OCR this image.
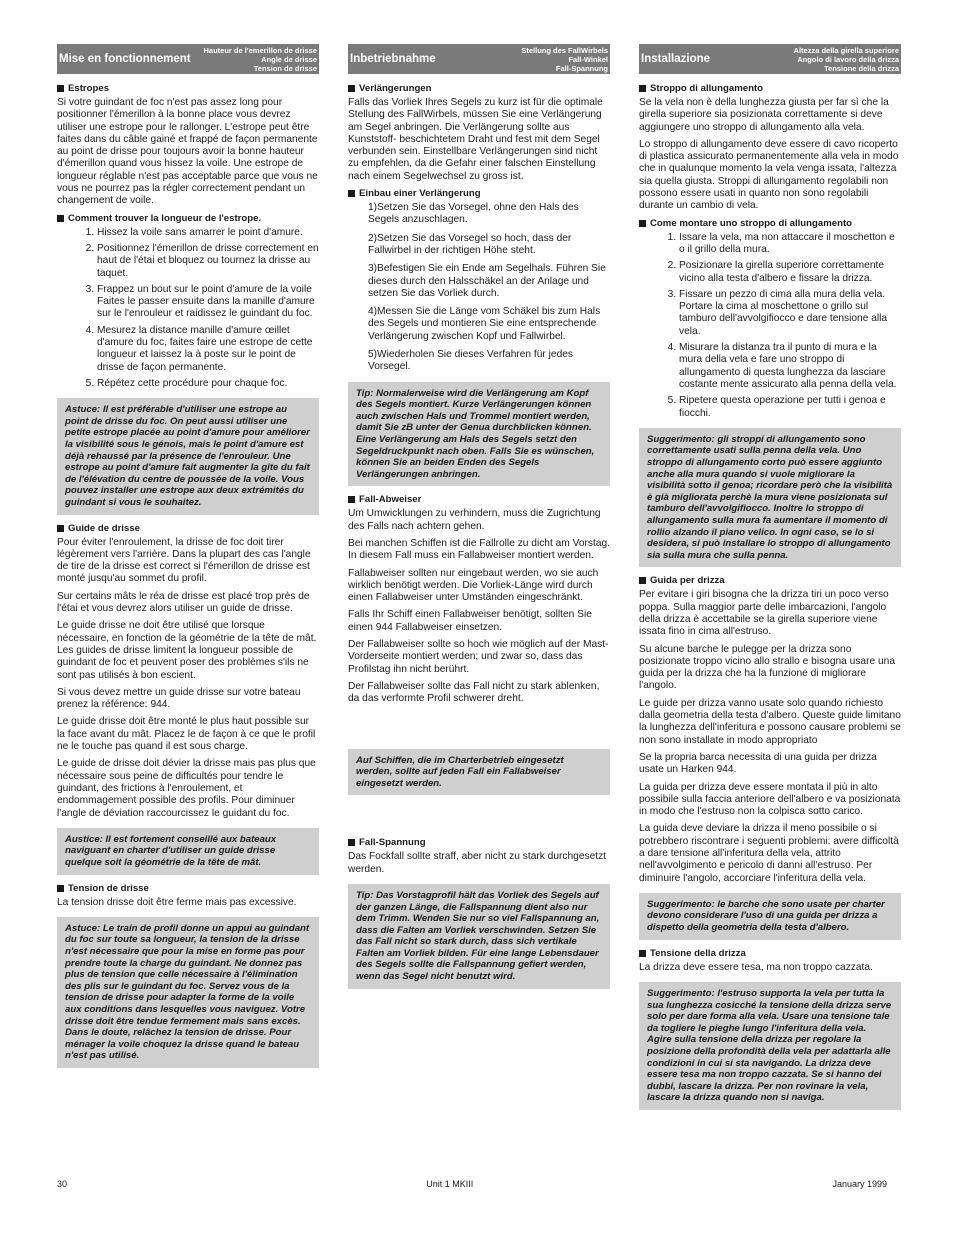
Mise en fonctionnement
Hauteur de l'emerillon de drisse
Angle de drisse
Tension de drisse
Estropes

Si votre guindant de foc n'est pas assez long pour positionner l'émerillon à la bonne place vous devrez utiliser une estrope pour le rallonger. L'estrope peut être faites dans du câble gainé et frappé de façon permanente au point de drisse pour toujours avoir la bonne hauteur d'émerillon quand vous hissez la voile. Une estrope de longueur réglable n'est pas acceptable parce que vous ne vous ne pourrez pas la régler correctement pendant un changement de voile.

Comment trouver la longueur de l'estrope.
1. Hissez la voile sans amarrer le point d'amure.
2. Positionnez l'émerillon de drisse correctement en haut de l'étai et bloquez ou tournez la drisse au taquet.
3. Frappez un bout sur le point d'amure de la voile Faites le passer ensuite dans la manille d'amure sur le l'enrouleur et raidissez le guindant du foc.
4. Mesurez la distance manille d'amure œillet d'amure du foc, faites faire une estrope de cette longueur et laissez la à poste sur le point de drisse de façon permanente.
5. Répétez cette procédure pour chaque foc.
Astuce: Il est préférable d'utiliser une estrope au point de drisse du foc. On peut aussi utiliser une petite estrope placée au point d'amure pour améliorer la visibilité sous le génois, mais le point d'amure est déjà rehaussé par la présence de l'enrouleur. Une estrope au point d'amure fait augmenter la gîte du fait de l'élévation du centre de poussée de la voile. Vous pouvez installer une estrope aux deux extrémités du guindant si vous le souhaitez.
Guide de drisse

Pour éviter l'enroulement, la drisse de foc doit tirer légèrement vers l'arrière. Dans la plupart des cas l'angle de tire de la drisse est correct si l'émerillon de drisse est monté jusqu'au sommet du profil.

Sur certains mâts le réa de drisse est placé trop près de l'étai et vous devrez alors utiliser un guide de drisse.

Le guide drisse ne doit être utilisé que lorsque nécessaire, en fonction de la géométrie de la tête de mât. Les guides de drisse limitent la longueur possible de guindant de foc et peuvent poser des problèmes s'ils ne sont pas utilisés à bon escient.

Si vous devez mettre un guide drisse sur votre bateau prenez la référence: 944.

Le guide drisse doit être monté le plus haut possible sur la face avant du mât. Placez le de façon à ce que le profil ne le touche pas quand il est sous charge.

Le guide de drisse doit dévier la drisse mais pas plus que nécessaire sous peine de difficultés pour tendre le guindant, des frictions à l'enroulement, et endommagement possible des profils. Pour diminuer l'angle de déviation raccourcissez le guidant du foc.

Austice: Il est fortement conseillé aux bateaux naviguant en charter d'utiliser un guide drisse quelque soit la géométrie de la tête de mât.
Tension de drisse

La tension drisse doit être ferme mais pas excessive.

Astuce: Le train de profil donne un appui au guindant du foc sur toute sa longueur, la tension de la drisse n'est nécessaire que pour la mise en forme pas pour prendre toute la charge du guindant. Ne donnez pas plus de tension que celle nécessaire à l'élimination des plis sur le guindant du foc. Servez vous de la tension de drisse pour adapter la forme de la voile aux conditions dans lesquelles vous naviguez. Votre drisse doit être tendue fermement mais sans excès. Dans le doute, relâchez la tension de drisse. Pour ménager la voile choquez la drisse quand le bateau n'est pas utilisé.
Inbetriebnahme
Stellung des FallWirbels
Fall-Winkel
Fall-Spannung
Verlängerungen

Falls das Vorliek Ihres Segels zu kurz ist für die optimale Stellung des FallWirbels, müssen Sie eine Verlängerung am Segel anbringen. Die Verlängerung sollte aus Kunststoff- beschichtetem Draht und fest mit dem Segel verbunden sein. Einstellbare Verlängerungen sind nicht zu empfehlen, da die Gefahr einer falschen Einstellung nach einem Segelwechsel zu gross ist.

Einbau einer Verlängerung

1)Setzen Sie das Vorsegel, ohne den Hals des Segels anzuschlagen.

2)Setzen Sie das Vorsegel so hoch, dass der Fallwirbel in der richtigen Höhe steht.

3)Befestigen Sie ein Ende am Segelhals. Führen Sie dieses durch den Halsschäkel an der Anlage und setzen Sie das Vorliek durch.

4)Messen Sie die Länge vom Schäkel bis zum Hals des Segels und montieren Sie eine entsprechende Verlängerung zwischen Kopf und Fallwirbel.

5)Wiederholen Sie dieses Verfahren für jedes Vorsegel.

Tip: Normalerweise wird die Verlängerung am Kopf des Segels montiert. Kurze Verlängerungen können auch zwischen Hals und Trommel montiert werden, damit Sie zB unter der Genua durchblicken können. Eine Verlängerung am Hals des Segels setzt den Segeldruckpunkt nach oben. Falls Sie es wünschen, können Sie an beiden Enden des Segels Verlängerungen anbringen.
Fall-Abweiser

Um Umwicklungen zu verhindern, muss die Zugrichtung des Falls nach achtern gehen.

Bei manchen Schiffen ist die Fallrolle zu dicht am Vorstag. In diesem Fall muss ein Fallabweiser montiert werden.

Fallabweiser sollten nur eingebaut werden, wo sie auch wirklich benötigt werden. Die Vorliek-Länge wird durch einen Fallabweiser unter Umständen eingeschränkt.

Falls Ihr Schiff einen Fallabweiser benötigt, sollten Sie einen 944 Fallabweiser einsetzen.

Der Fallabweiser sollte so hoch wie möglich auf der Mast-Vorderseite montiert werden; und zwar so, dass das Profilstag ihn nicht berührt.

Der Fallabweiser sollte das Fall nicht zu stark ablenken, da das verformte Profil schwerer dreht.

Auf Schiffen, die im Charterbetrieb eingesetzt werden, sollte auf jeden Fall ein Fallabweiser eingesetzt werden.
Fall-Spannung

Das Fockfall sollte straff, aber nicht zu stark durchgesetzt werden.

Tip: Das Vorstagprofil hält das Vorliek des Segels auf der ganzen Länge, die Fallspannung dient also nur dem Trimm. Wenden Sie nur so viel Fallspannung an, dass die Falten am Vorliek verschwinden. Setzen Sie das Fall nicht so stark durch, dass sich vertikale Falten am Vorliek bilden. Für eine lange Lebensdauer des Segels sollte die Fallspannung gefiert werden, wenn das Segel nicht benutzt wird.
Installazione
Altezza della girella superiore
Angolo di lavoro della drizza
Tensione della drizza
Stroppo di allungamento

Se la vela non è della lunghezza giusta per far sì che la girella superiore sia posizionata correttamente si deve aggiungere uno stroppo di allungamento alla vela.

Lo stroppo di allungamento deve essere di cavo ricoperto di plastica assicurato permanentemente alla vela in modo che in qualunque momento la vela venga issata, l'altezza sia quella giusta. Stroppi di allungamento regolabili non possono essere usati in quanto non sono regolabili durante un cambio di vela.

Come montare uno stroppo di allungamento
1. Issare la vela, ma non attaccare il moschetton e o il grillo della mura.
2. Posizionare la girella superiore correttamente vicino alla testa d'albero e fissare la drizza.
3. Fissare un pezzo di cima alla mura della vela. Portare la cima al moschettone o grillo sul tamburo dell'avvolgifiocco e dare tensione alla vela.
4. Misurare la distanza tra il punto di mura e la mura della vela e fare uno stroppo di allungamento di questa lunghezza da lasciare costante mente assicurato alla penna della vela.
5. Ripetere questa operazione per tutti i genoa e fiocchi.
Suggerimento: gli stroppi di allungamento sono correttamente usati sulla penna della vela. Uno stroppo di allungamento corto può essere aggiunto anche alla mura quando si vuole migliorare la visibilità sotto il genoa; ricordare però che la visibilità è già migliorata perchè la mura viene posizionata sul tamburo dell'avvolgifiocco. Inoltre lo stroppo di allungamento sulla mura fa aumentare il momento di rollio alzando il piano velico. In ogni caso, se lo si desidera, si può installare lo stroppo di allungamento sia sulla mura che sulla penna.
Guida per drizza

Per evitare i giri bisogna che la drizza tiri un poco verso poppa. Sulla maggior parte delle imbarcazioni, l'angolo della drizza è accettabile se la girella superiore viene issata fino in cima all'estruso.

Su alcune barche le pulegge per la drizza sono posizionate troppo vicino allo strallo e bisogna usare una guida per la drizza che ha la funzione di migliorare l'angolo.

Le guide per drizza vanno usate solo quando richiesto dalla geometria della testa d'albero. Queste guide limitano la lunghezza dell'inferitura e possono causare problemi se non sono installate in modo appropriato

Se la propria barca necessita di una guida per drizza usate un Harken 944.

La guida per drizza deve essere montata il più in alto possibile sulla faccia anteriore dell'albero e va posizionata in modo che l'estruso non la colpisca sotto carico.

La guida deve deviare la drizza il meno possibile o si potrebbero riscontrare i seguenti problemi: avere difficoltà a dare tensione all'inferitura della vela, attrito nell'avvolgimento e pericolo di danni all'estruso. Per diminuire l'angolo, accorciare l'inferitura della vela.

Suggerimento: le barche che sono usate per charter devono considerare l'uso di una guida per drizza a dispetto della geometria della testa d'albero.
Tensione della drizza

La drizza deve essere tesa, ma non troppo cazzata.

Suggerimento: l'estruso supporta la vela per tutta la sua lunghezza cosicché la tensione della drizza serve solo per dare forma alla vela. Usare una tensione tale da togliere le pieghe lungo l'inferitura della vela. Agire sulla tensione della drizza per regolare la posizione della profondità della vela per adattarla alle condizioni in cui si sta navigando. La drizza deve essere tesa ma non troppo cazzata. Se si hanno dei dubbi, lascare la drizza. Per non rovinare la vela, lascare la drizza quando non si naviga.
30	Unit 1 MKIII	January 1999
